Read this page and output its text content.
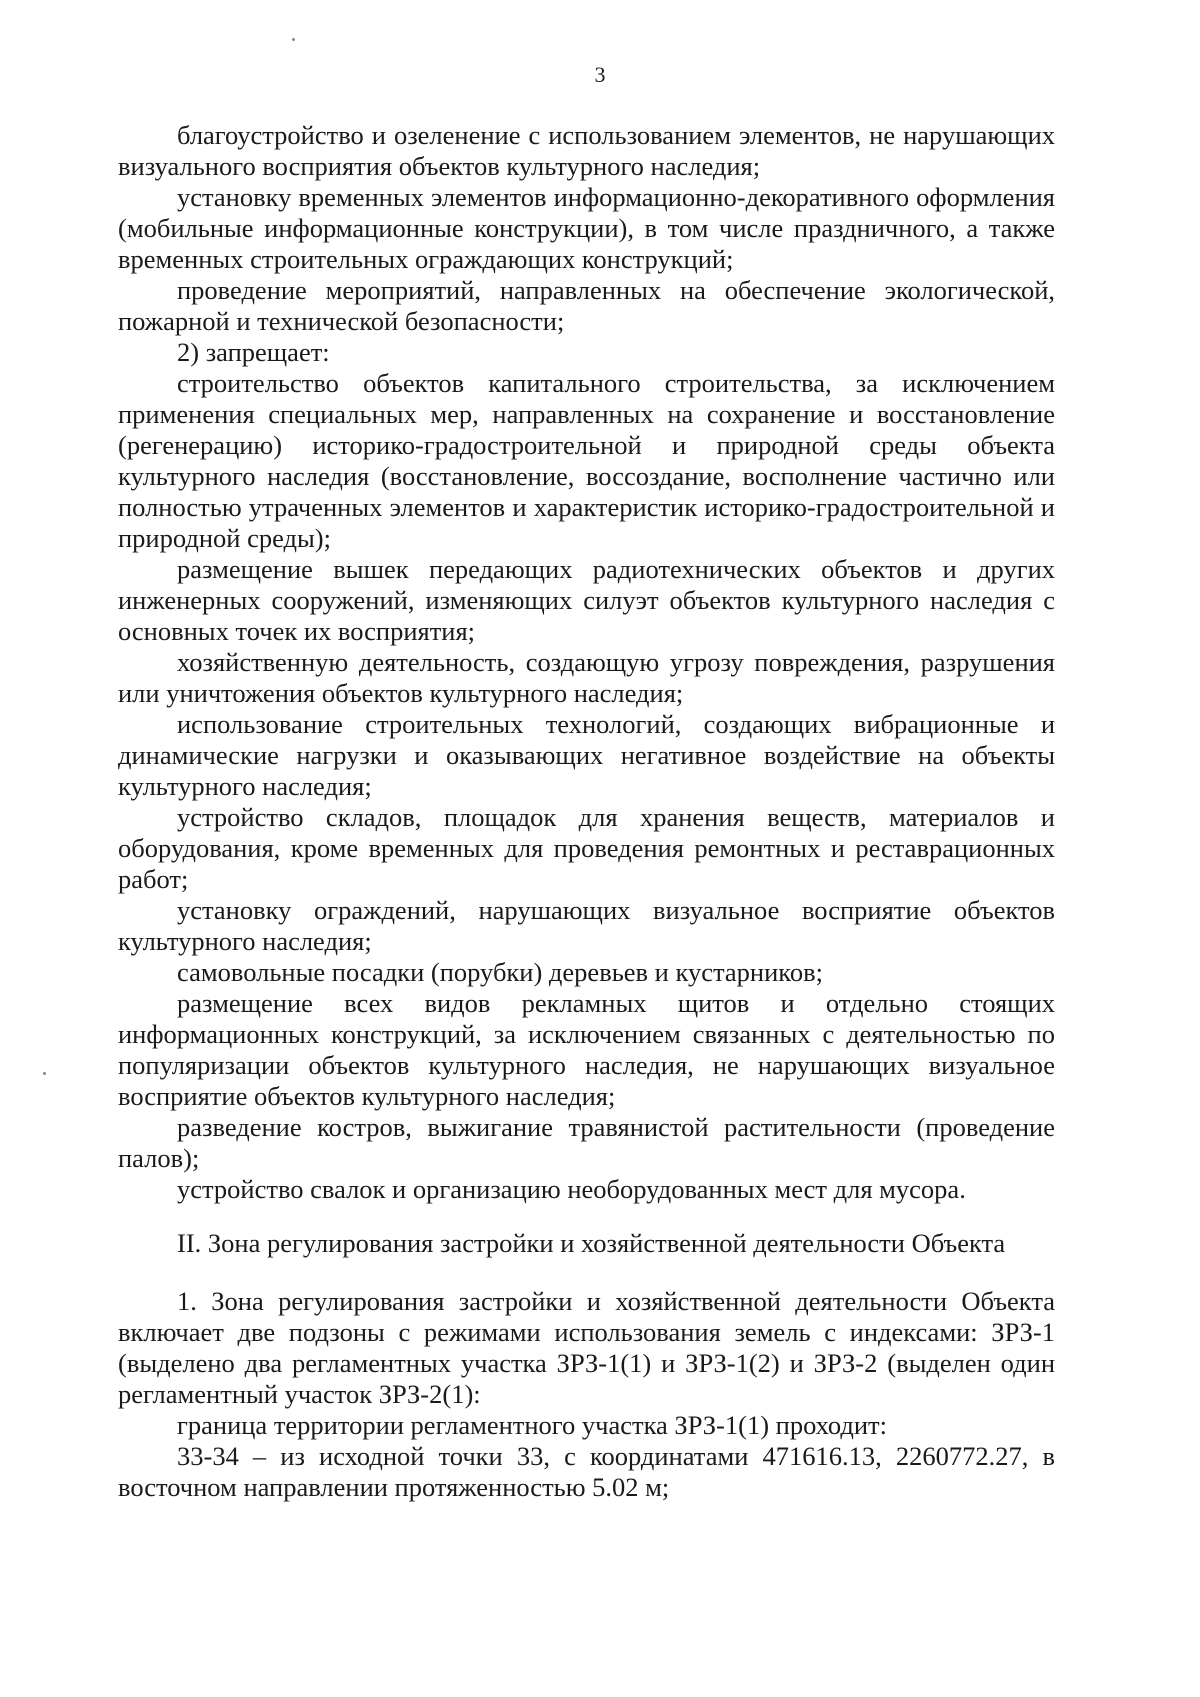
3

благоустройство и озеленение с использованием элементов, не нарушающих визуального восприятия объектов культурного наследия;

установку временных элементов информационно-декоративного оформления (мобильные информационные конструкции), в том числе праздничного, а также временных строительных ограждающих конструкций;

проведение мероприятий, направленных на обеспечение экологической, пожарной и технической безопасности;

2) запрещает:

строительство объектов капитального строительства, за исключением применения специальных мер, направленных на сохранение и восстановление (регенерацию) историко-градостроительной и природной среды объекта культурного наследия (восстановление, воссоздание, восполнение частично или полностью утраченных элементов и характеристик историко-градостроительной и природной среды);

размещение вышек передающих радиотехнических объектов и других инженерных сооружений, изменяющих силуэт объектов культурного наследия с основных точек их восприятия;

хозяйственную деятельность, создающую угрозу повреждения, разрушения или уничтожения объектов культурного наследия;

использование строительных технологий, создающих вибрационные и динамические нагрузки и оказывающих негативное воздействие на объекты культурного наследия;

устройство складов, площадок для хранения веществ, материалов и оборудования, кроме временных для проведения ремонтных и реставрационных работ;

установку ограждений, нарушающих визуальное восприятие объектов культурного наследия;

самовольные посадки (порубки) деревьев и кустарников;

размещение всех видов рекламных щитов и отдельно стоящих информационных конструкций, за исключением связанных с деятельностью по популяризации объектов культурного наследия, не нарушающих визуальное восприятие объектов культурного наследия;

разведение костров, выжигание травянистой растительности (проведение палов);

устройство свалок и организацию необорудованных мест для мусора.

II. Зона регулирования застройки и хозяйственной деятельности Объекта

1. Зона регулирования застройки и хозяйственной деятельности Объекта включает две подзоны с режимами использования земель с индексами: ЗРЗ-1 (выделено два регламентных участка ЗРЗ-1(1) и ЗРЗ-1(2) и ЗРЗ-2 (выделен один регламентный участок ЗРЗ-2(1):

граница территории регламентного участка ЗРЗ-1(1) проходит:

33-34 – из исходной точки 33, с координатами 471616.13, 2260772.27, в восточном направлении протяженностью 5.02 м;
